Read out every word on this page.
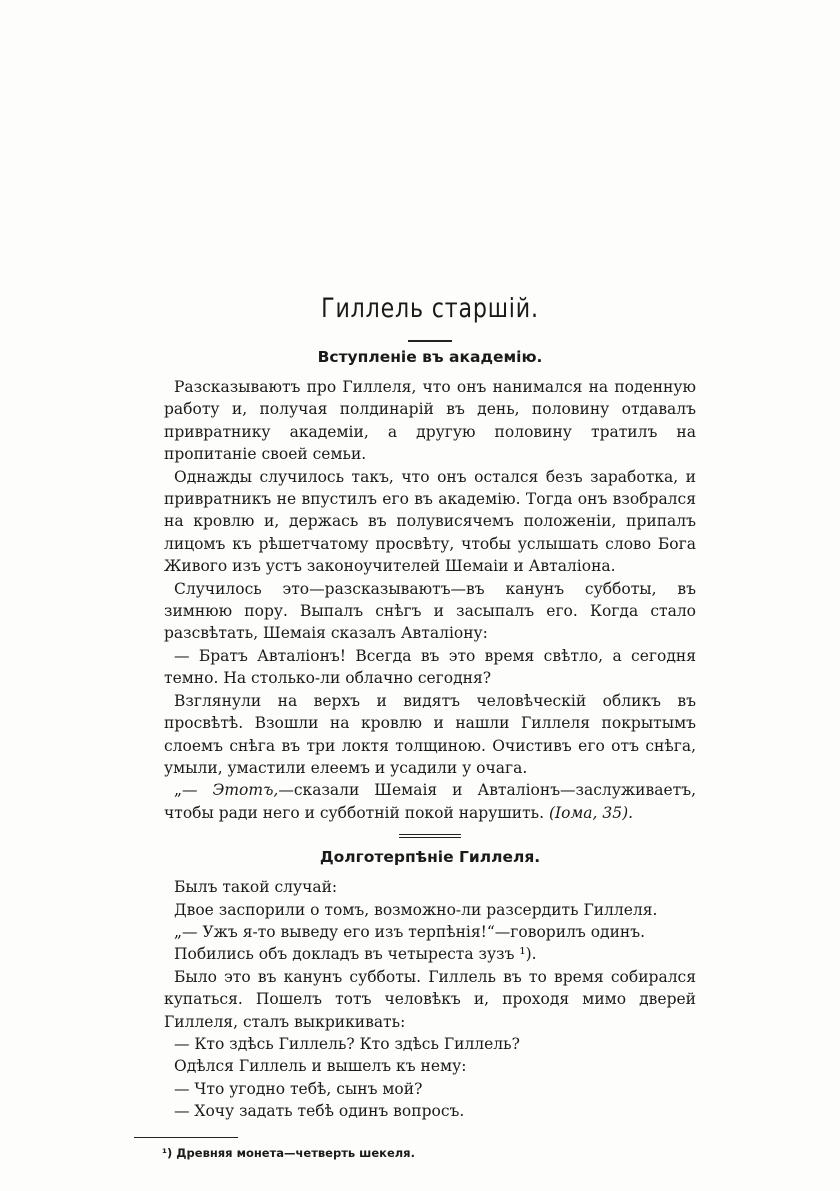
Гиллель старшій.
Вступленіе въ академію.

Разсказываютъ про Гиллеля, что онъ нанимался на поденную работу и, получая полдинарій въ день, половину отдавалъ привратнику академіи, а другую половину тратилъ на пропитаніе своей семьи.

Однажды случилось такъ, что онъ остался безъ заработка, и привратникъ не впустилъ его въ академію. Тогда онъ взобрался на кровлю и, держась въ полувисячемъ положеніи, припалъ лицомъ къ рѣшетчатому просвѣту, чтобы услышать слово Бога Живого изъ устъ законоучителей Шемаіи и Авталіона.

Случилось это—разсказываютъ—въ канунъ субботы, въ зимнюю пору. Выпалъ снѣгъ и засыпалъ его. Когда стало разсвѣтать, Шемаія сказалъ Авталіону:

— Братъ Авталіонъ! Всегда въ это время свѣтло, а сегодня темно. На столько-ли облачно сегодня?

Взглянули на верхъ и видятъ человѣческій обликъ въ просвѣтѣ. Взошли на кровлю и нашли Гиллеля покрытымъ слоемъ снѣга въ три локтя толщиною. Очистивъ его отъ снѣга, умыли, умастили елеемъ и усадили у очага.

„— Этотъ,—сказали Шемаія и Авталіонъ—заслуживаетъ, чтобы ради него и субботній покой нарушить. (Іома, 35).

Долготерпѣніе Гиллеля.

Былъ такой случай:

Двое заспорили о томъ, возможно-ли разсердить Гиллеля.

„— Ужъ я-то выведу его изъ терпѣнія!“—говорилъ одинъ.

Побились объ докладъ въ четыреста зузъ ¹).

Было это въ канунъ субботы. Гиллель въ то время собирался купаться. Пошелъ тотъ человѣкъ и, проходя мимо дверей Гиллеля, сталъ выкрикивать:

— Кто здѣсь Гиллель? Кто здѣсь Гиллель?

Одѣлся Гиллель и вышелъ къ нему:

— Что угодно тебѣ, сынъ мой?

— Хочу задать тебѣ одинъ вопросъ.

¹) Древняя монета—четверть шекеля.
